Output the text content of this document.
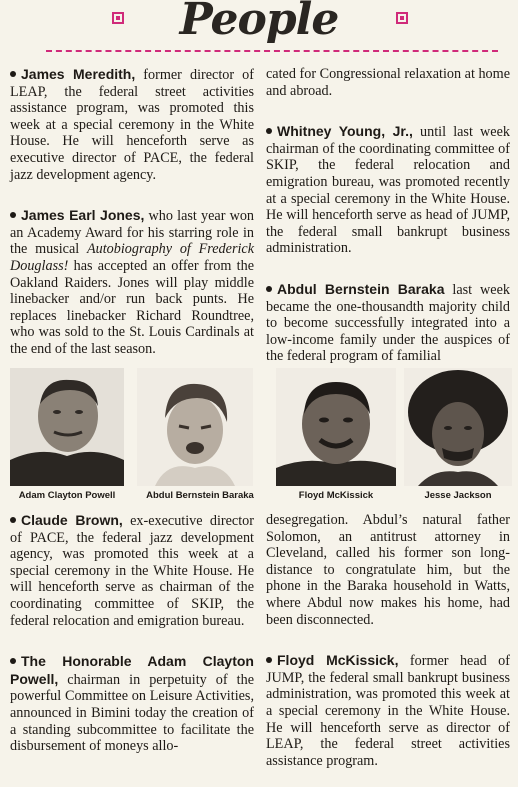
People

James Meredith, former director of LEAP, the federal street activities assistance program, was promoted this week at a special ceremony in the White House. He will henceforth serve as executive director of PACE, the federal jazz development agency.

James Earl Jones, who last year won an Academy Award for his starring role in the musical Autobiography of Frederick Douglass! has accepted an offer from the Oakland Raiders. Jones will play middle linebacker and/or run back punts. He replaces linebacker Richard Roundtree, who was sold to the St. Louis Cardinals at the end of the last season.

cated for Congressional relaxation at home and abroad.

Whitney Young, Jr., until last week chairman of the coordinating committee of SKIP, the federal relocation and emigration bureau, was promoted recently at a special ceremony in the White House. He will henceforth serve as head of JUMP, the federal small bankrupt business administration.

Abdul Bernstein Baraka last week became the one-thousandth majority child to become successfully integrated into a low-income family under the auspices of the federal program of familial

Adam Clayton Powell	Abdul Bernstein Baraka	Floyd McKissick	Jesse Jackson

Claude Brown, ex-executive director of PACE, the federal jazz development agency, was promoted this week at a special ceremony in the White House. He will henceforth serve as chairman of the coordinating committee of SKIP, the federal relocation and emigration bureau.

The Honorable Adam Clayton Powell, chairman in perpetuity of the powerful Committee on Leisure Activities, announced in Bimini today the creation of a standing subcommittee to facilitate the disbursement of moneys allo-

desegregation. Abdul’s natural father Solomon, an antitrust attorney in Cleveland, called his former son long-distance to congratulate him, but the phone in the Baraka household in Watts, where Abdul now makes his home, had been disconnected.

Floyd McKissick, former head of JUMP, the federal small bankrupt business administration, was promoted this week at a special ceremony in the White House. He will henceforth serve as director of LEAP, the federal street activities assistance program.
